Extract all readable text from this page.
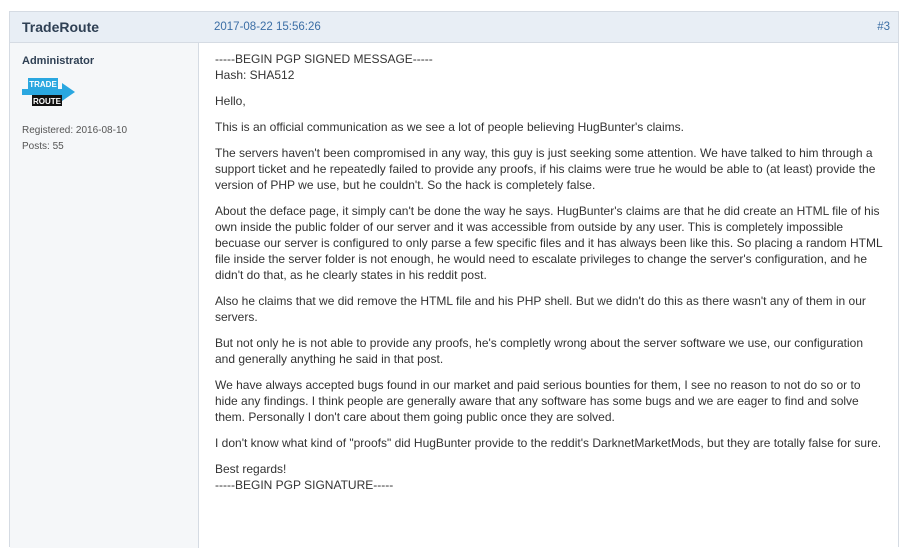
TradeRoute	2017-08-22 15:56:26	#3
Administrator
TRADE
ROUTE
Registered: 2016-08-10
Posts: 55

-----BEGIN PGP SIGNED MESSAGE-----
Hash: SHA512

Hello,

This is an official communication as we see a lot of people believing HugBunter's claims.

The servers haven't been compromised in any way, this guy is just seeking some attention. We have talked to him through a support ticket and he repeatedly failed to provide any proofs, if his claims were true he would be able to (at least) provide the version of PHP we use, but he couldn't. So the hack is completely false.

About the deface page, it simply can't be done the way he says. HugBunter's claims are that he did create an HTML file of his own inside the public folder of our server and it was accessible from outside by any user. This is completely impossible becuase our server is configured to only parse a few specific files and it has always been like this. So placing a random HTML file inside the server folder is not enough, he would need to escalate privileges to change the server's configuration, and he didn't do that, as he clearly states in his reddit post.

Also he claims that we did remove the HTML file and his PHP shell. But we didn't do this as there wasn't any of them in our servers.

But not only he is not able to provide any proofs, he's completly wrong about the server software we use, our configuration and generally anything he said in that post.

We have always accepted bugs found in our market and paid serious bounties for them, I see no reason to not do so or to hide any findings. I think people are generally aware that any software has some bugs and we are eager to find and solve them. Personally I don't care about them going public once they are solved.

I don't know what kind of "proofs" did HugBunter provide to the reddit's DarknetMarketMods, but they are totally false for sure.

Best regards!
-----BEGIN PGP SIGNATURE-----
